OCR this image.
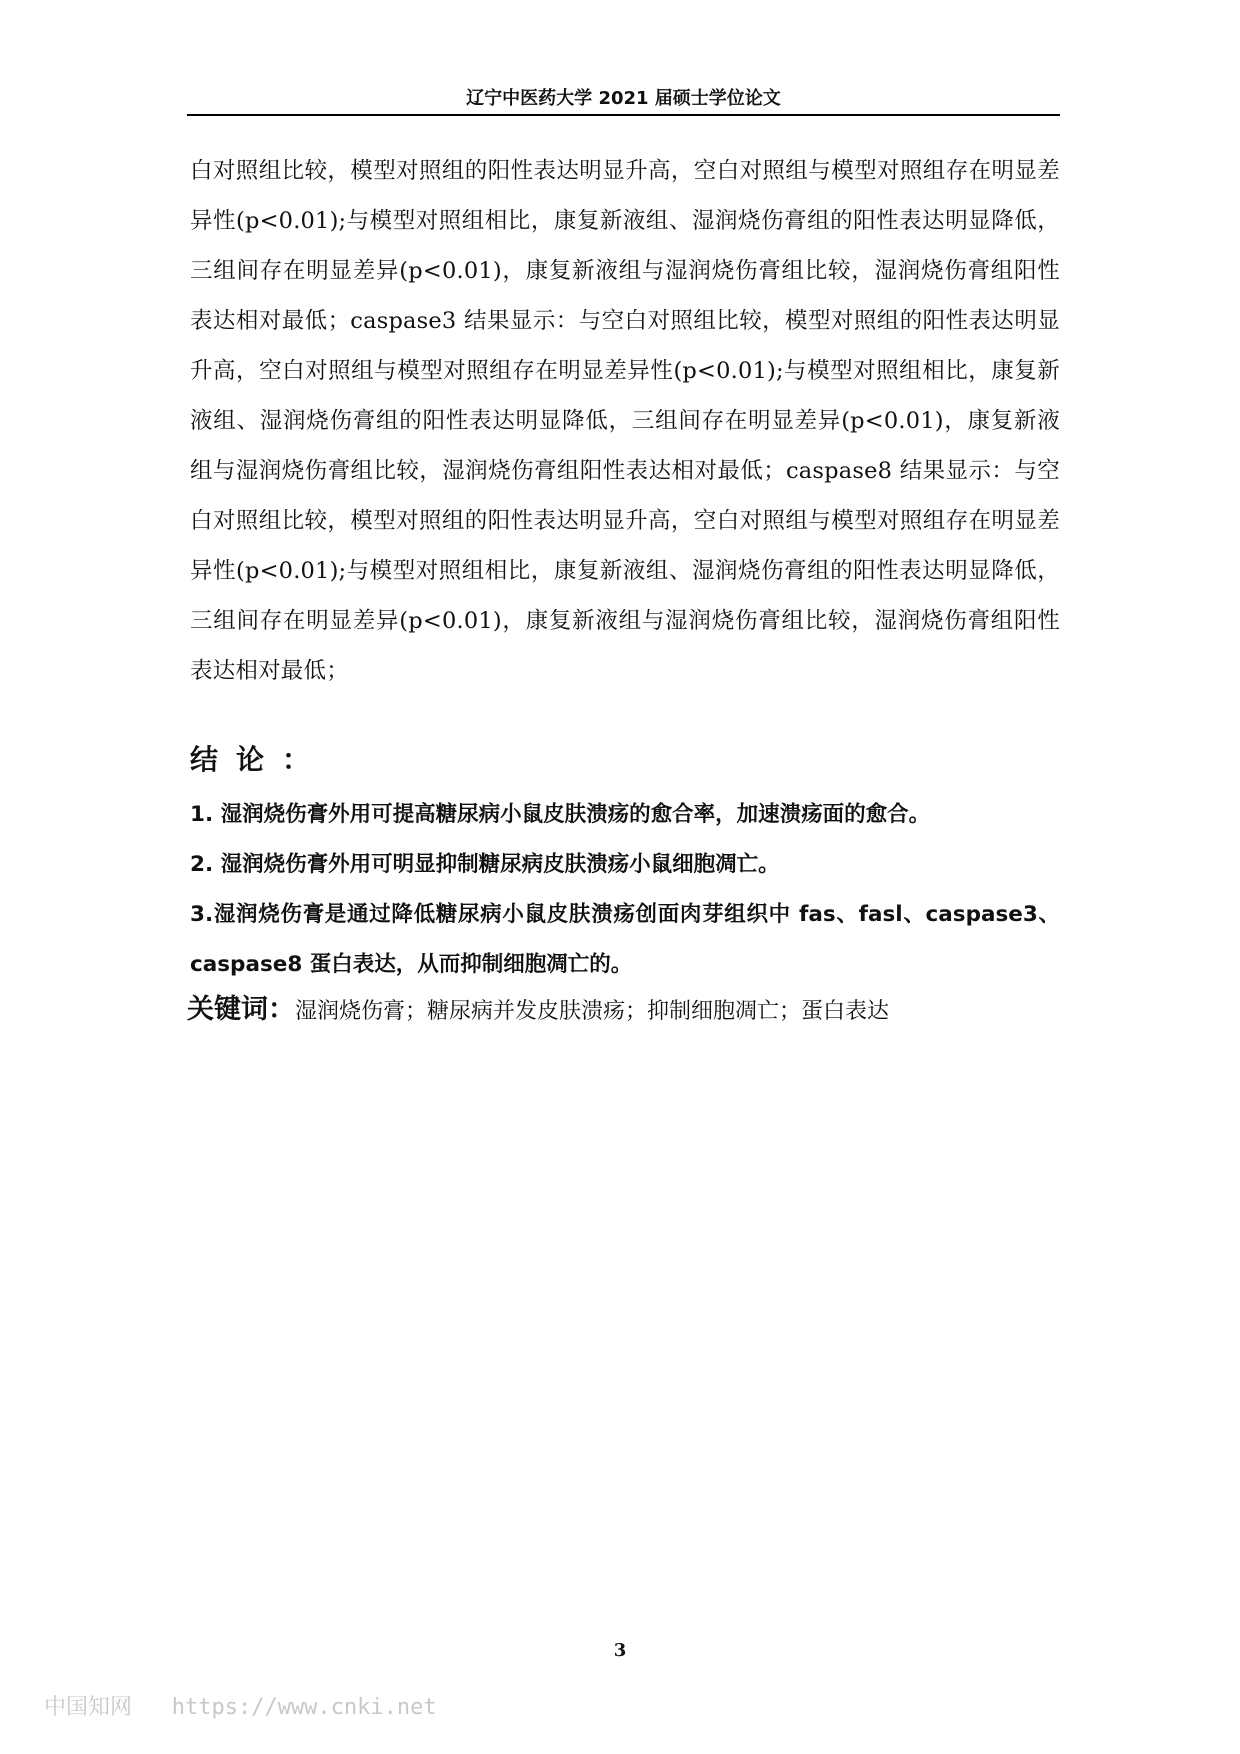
辽宁中医药大学 2021 届硕士学位论文

白对照组比较，模型对照组的阳性表达明显升高，空白对照组与模型对照组存在明显差异性(p<0.01);与模型对照组相比，康复新液组、湿润烧伤膏组的阳性表达明显降低，三组间存在明显差异(p<0.01)，康复新液组与湿润烧伤膏组比较，湿润烧伤膏组阳性表达相对最低；caspase3 结果显示：与空白对照组比较，模型对照组的阳性表达明显升高，空白对照组与模型对照组存在明显差异性(p<0.01);与模型对照组相比，康复新液组、湿润烧伤膏组的阳性表达明显降低，三组间存在明显差异(p<0.01)，康复新液组与湿润烧伤膏组比较，湿润烧伤膏组阳性表达相对最低；caspase8 结果显示：与空白对照组比较，模型对照组的阳性表达明显升高，空白对照组与模型对照组存在明显差异性(p<0.01);与模型对照组相比，康复新液组、湿润烧伤膏组的阳性表达明显降低，三组间存在明显差异(p<0.01)，康复新液组与湿润烧伤膏组比较，湿润烧伤膏组阳性表达相对最低；

结论：
1. 湿润烧伤膏外用可提高糖尿病小鼠皮肤溃疡的愈合率，加速溃疡面的愈合。
2. 湿润烧伤膏外用可明显抑制糖尿病皮肤溃疡小鼠细胞凋亡。
3.湿润烧伤膏是通过降低糖尿病小鼠皮肤溃疡创面肉芽组织中 fas、fasl、caspase3、caspase8 蛋白表达，从而抑制细胞凋亡的。
关键词：湿润烧伤膏；糖尿病并发皮肤溃疡；抑制细胞凋亡；蛋白表达
3
中国知网   https://www.cnki.net
